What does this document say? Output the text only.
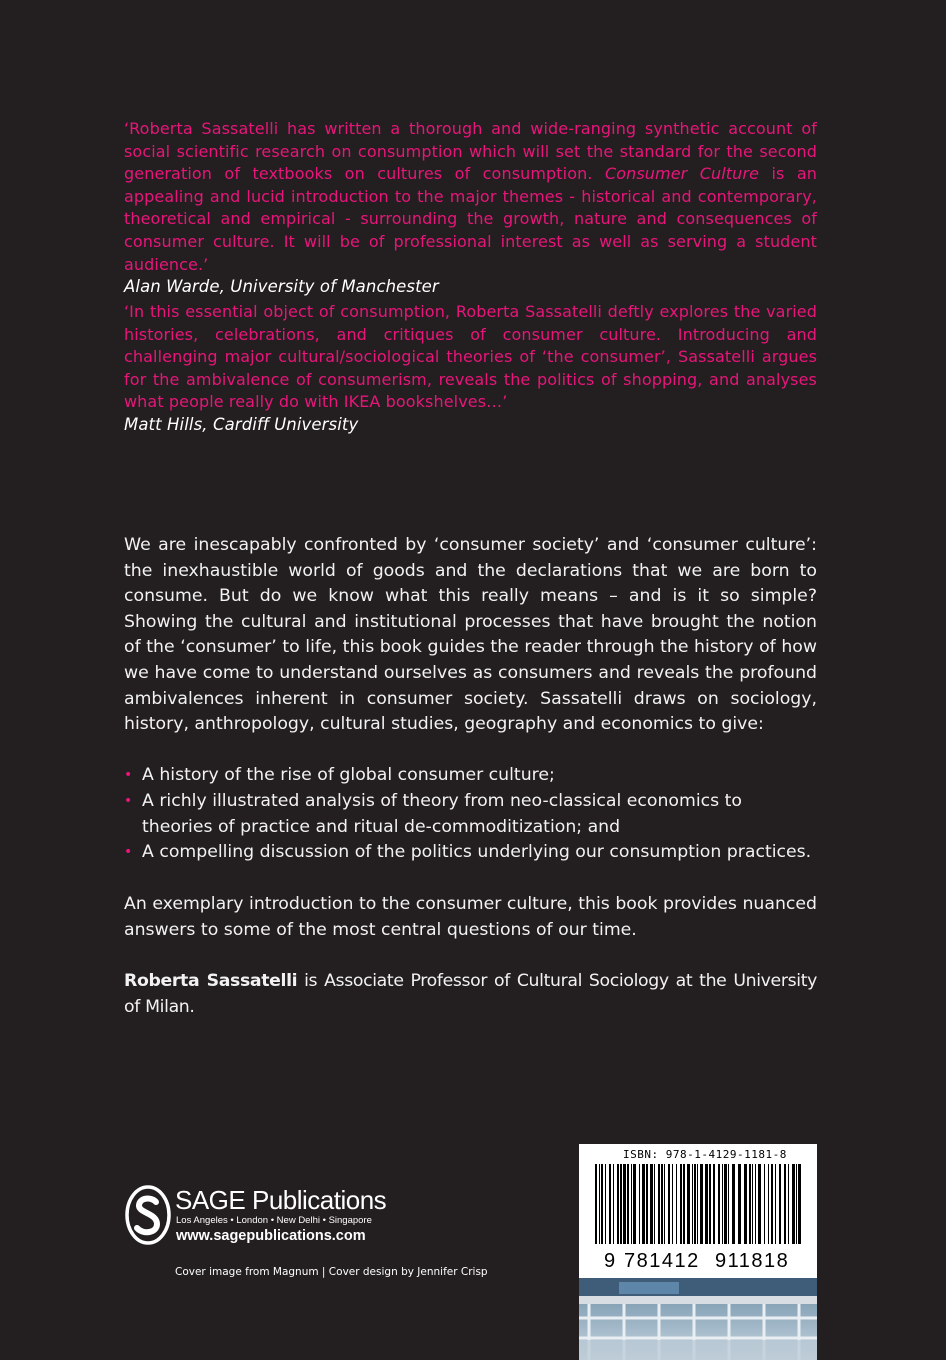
‘Roberta Sassatelli has written a thorough and wide-ranging synthetic account of social scientific research on consumption which will set the standard for the second generation of textbooks on cultures of consumption. Consumer Culture is an appealing and lucid introduction to the major themes - historical and contemporary, theoretical and empirical - surrounding the growth, nature and consequences of consumer culture. It will be of professional interest as well as serving a student audience.’
Alan Warde, University of Manchester
‘In this essential object of consumption, Roberta Sassatelli deftly explores the varied histories, celebrations, and critiques of consumer culture. Introducing and challenging major cultural/sociological theories of ‘the consumer’, Sassatelli argues for the ambivalence of consumerism, reveals the politics of shopping, and analyses what people really do with IKEA bookshelves…’
Matt Hills, Cardiff University
We are inescapably confronted by ‘consumer society’ and ‘consumer culture’: the inexhaustible world of goods and the declarations that we are born to consume. But do we know what this really means – and is it so simple? Showing the cultural and institutional processes that have brought the notion of the ‘consumer’ to life, this book guides the reader through the history of how we have come to understand ourselves as consumers and reveals the profound ambivalences inherent in consumer society. Sassatelli draws on sociology, history, anthropology, cultural studies, geography and economics to give:
• A history of the rise of global consumer culture;
• A richly illustrated analysis of theory from neo-classical economics to theories of practice and ritual de-commoditization; and
• A compelling discussion of the politics underlying our consumption practices.
An exemplary introduction to the consumer culture, this book provides nuanced answers to some of the most central questions of our time.
Roberta Sassatelli is Associate Professor of Cultural Sociology at the University of Milan.
SAGE Publications
Los Angeles • London • New Delhi • Singapore
www.sagepublications.com
Cover image from Magnum | Cover design by Jennifer Crisp
ISBN: 978-1-4129-1181-8
9 781412 911818
